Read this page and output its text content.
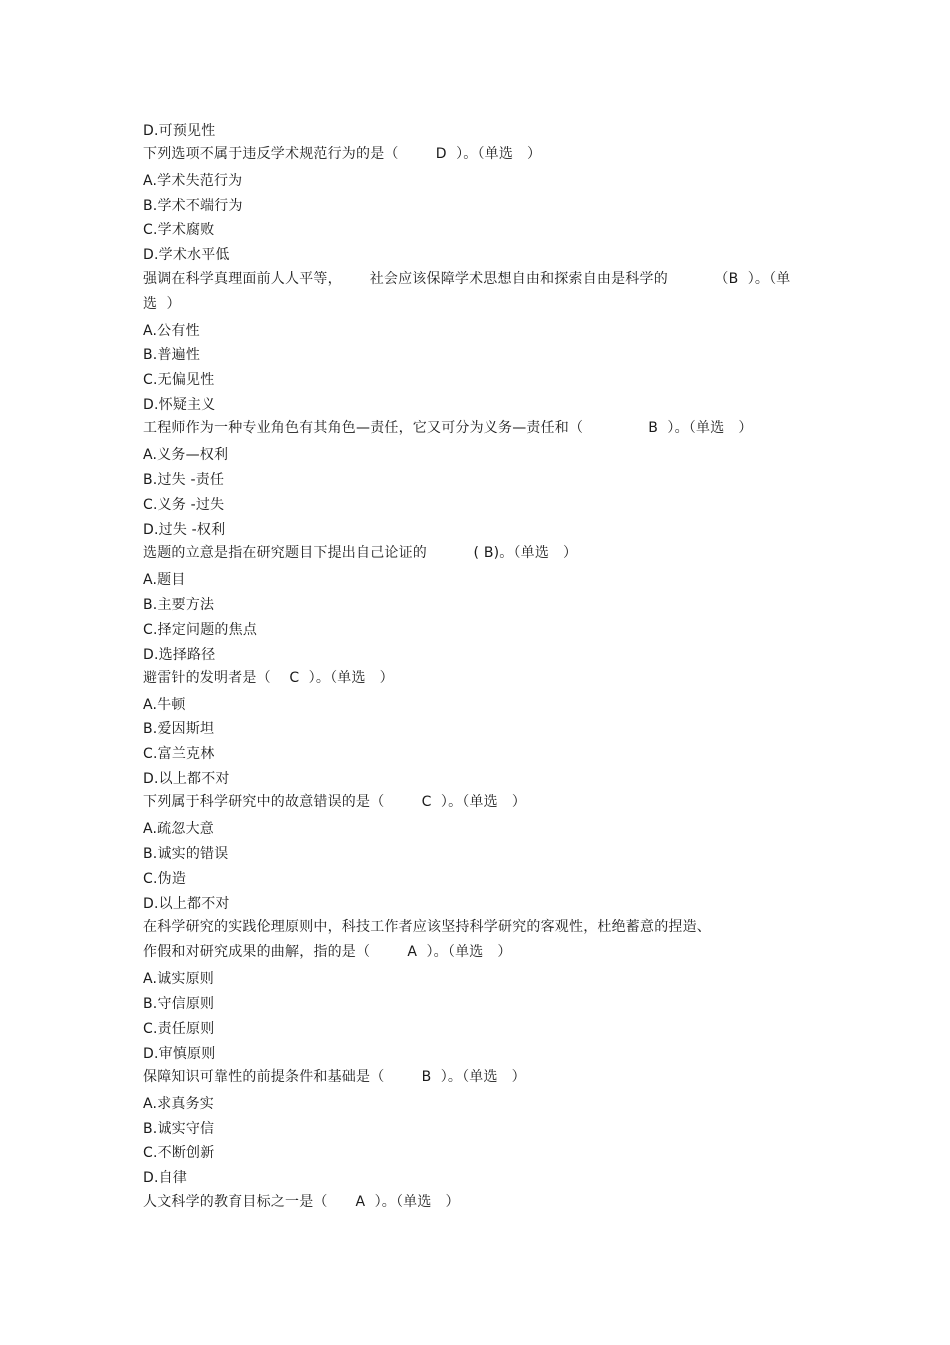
D.可预见性
下列选项不属于违反学术规范行为的是（        D  ）。（单选   ）
A.学术失范行为
B.学术不端行为
C.学术腐败
D.学术水平低
强调在科学真理面前人人平等，      社会应该保障学术思想自由和探索自由是科学的          （B  ）。（单
选  ）
A.公有性
B.普遍性
C.无偏见性
D.怀疑主义
工程师作为一种专业角色有其角色—责任，它又可分为义务—责任和（              B  ）。（单选   ）
A.义务—权利
B.过失 -责任
C.义务 -过失
D.过失 -权利
选题的立意是指在研究题目下提出自己论证的          ( B)。（单选   ）
A.题目
B.主要方法
C.择定问题的焦点
D.选择路径
避雷针的发明者是（    C  ）。（单选   ）
A.牛顿
B.爱因斯坦
C.富兰克林
D.以上都不对
下列属于科学研究中的故意错误的是（        C  ）。（单选   ）
A.疏忽大意
B.诚实的错误
C.伪造
D.以上都不对
在科学研究的实践伦理原则中，科技工作者应该坚持科学研究的客观性，杜绝蓄意的捏造、
作假和对研究成果的曲解，指的是（        A  ）。（单选   ）
A.诚实原则
B.守信原则
C.责任原则
D.审慎原则
保障知识可靠性的前提条件和基础是（        B  ）。（单选   ）
A.求真务实
B.诚实守信
C.不断创新
D.自律
人文科学的教育目标之一是（      A  ）。（单选   ）
